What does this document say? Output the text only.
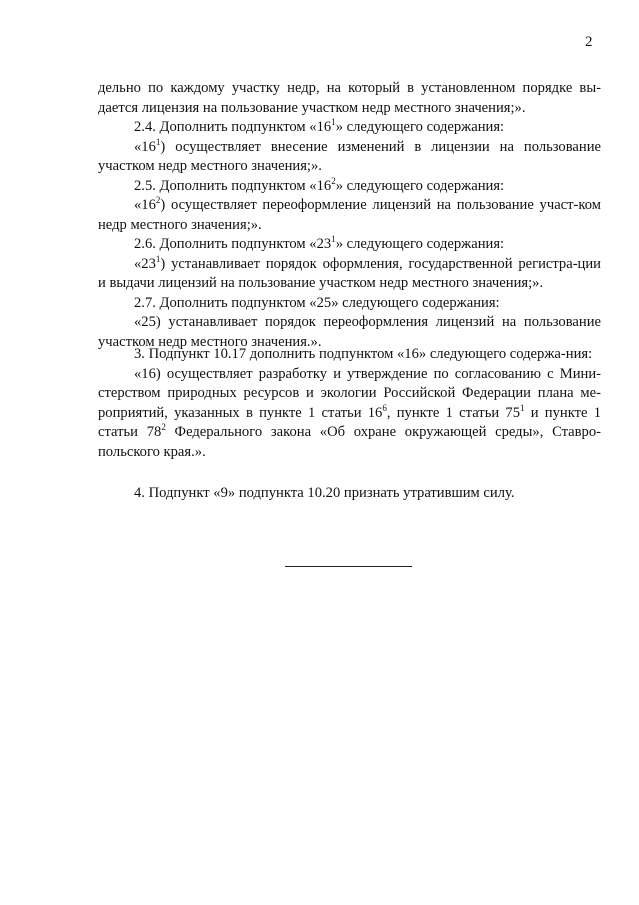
2

дельно по каждому участку недр, на который в установленном порядке вы-дается лицензия на пользование участком недр местного значения;».

2.4. Дополнить подпунктом «$16^1$» следующего содержания:

«$16^1$) осуществляет внесение изменений в лицензии на пользование участком недр местного значения;».

2.5. Дополнить подпунктом «$16^2$» следующего содержания:

«$16^2$) осуществляет переоформление лицензий на пользование участ-ком недр местного значения;».

2.6. Дополнить подпунктом «$23^1$» следующего содержания:

«$23^1$) устанавливает порядок оформления, государственной регистра-ции и выдачи лицензий на пользование участком недр местного значения;».

2.7. Дополнить подпунктом «25» следующего содержания:

«25) устанавливает порядок переоформления лицензий на пользование участком недр местного значения.».

3. Подпункт 10.17 дополнить подпунктом «16» следующего содержа-ния:

«16) осуществляет разработку и утверждение по согласованию с Мини-стерством природных ресурсов и экологии Российской Федерации плана ме-роприятий, указанных в пункте 1 статьи $16^6$, пункте 1 статьи $75^1$ и пункте 1 статьи $78^2$ Федерального закона «Об охране окружающей среды», Ставро-польского края.».

4. Подпункт «9» подпункта 10.20 признать утратившим силу.
